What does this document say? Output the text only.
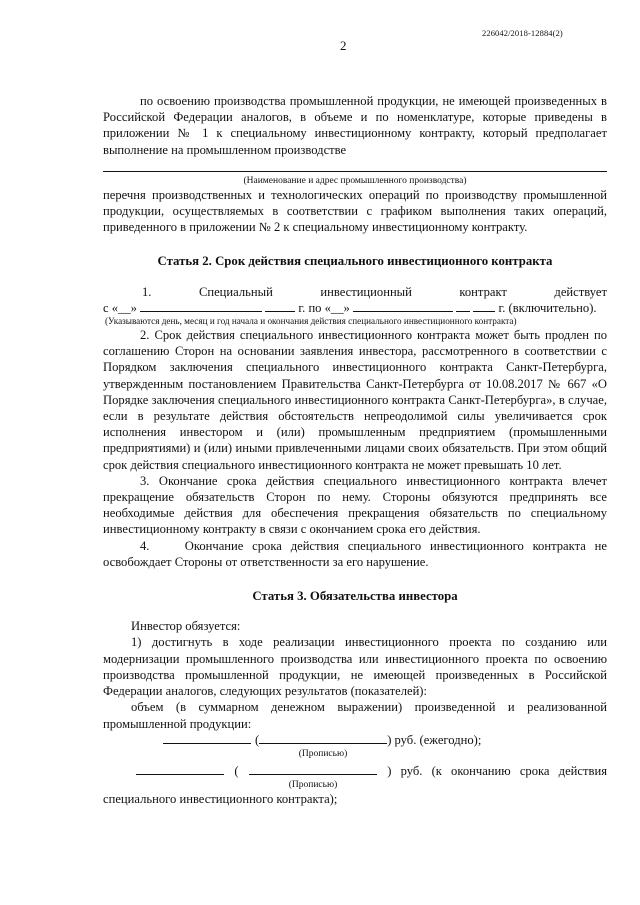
226042/2018-12884(2)
2

по освоению производства промышленной продукции, не имеющей произведенных в Российской Федерации аналогов, в объеме и по номенклатуре, которые приведены в приложении № 1 к специальному инвестиционному контракту, который предполагает выполнение на промышленном производстве

(Наименование и адрес промышленного производства)

перечня производственных и технологических операций по производству промышленной продукции, осуществляемых в соответствии с графиком выполнения таких операций, приведенного в приложении № 2 к специальному инвестиционному контракту.

Статья 2. Срок действия специального инвестиционного контракта
1.	Специальный	инвестиционный	контракт	действует
с «__»	г. по «__»	г. (включительно).
(Указываются день, месяц и год начала и окончания действия специального инвестиционного контракта)

2. Срок действия специального инвестиционного контракта может быть продлен по соглашению Сторон на основании заявления инвестора, рассмотренного в соответствии с Порядком заключения специального инвестиционного контракта Санкт-Петербурга, утвержденным постановлением Правительства Санкт-Петербурга от 10.08.2017 № 667 «О Порядке заключения специального инвестиционного контракта Санкт-Петербурга», в случае, если в результате действия обстоятельств непреодолимой силы увеличивается срок исполнения инвестором и (или) промышленным предприятием (промышленными предприятиями) и (или) иными привлеченными лицами своих обязательств. При этом общий срок действия специального инвестиционного контракта не может превышать 10 лет.

3. Окончание срока действия специального инвестиционного контракта влечет прекращение обязательств Сторон по нему. Стороны обязуются предпринять все необходимые действия для обеспечения прекращения обязательств по специальному инвестиционному контракту в связи с окончанием срока его действия.

4.    Окончание срока действия специального инвестиционного контракта не освобождает Стороны от ответственности за его нарушение.

Статья 3. Обязательства инвестора

Инвестор обязуется:

1) достигнуть в ходе реализации инвестиционного проекта по созданию или модернизации промышленного производства или инвестиционного проекта по освоению производства промышленной продукции, не имеющей произведенных в Российской Федерации аналогов, следующих результатов (показателей):

объем (в суммарном денежном выражении) произведенной и реализованной промышленной продукции:

(	) руб. (ежегодно);
(Прописью)
(	) руб. (к окончанию срока действия
(Прописью)

специального инвестиционного контракта);
